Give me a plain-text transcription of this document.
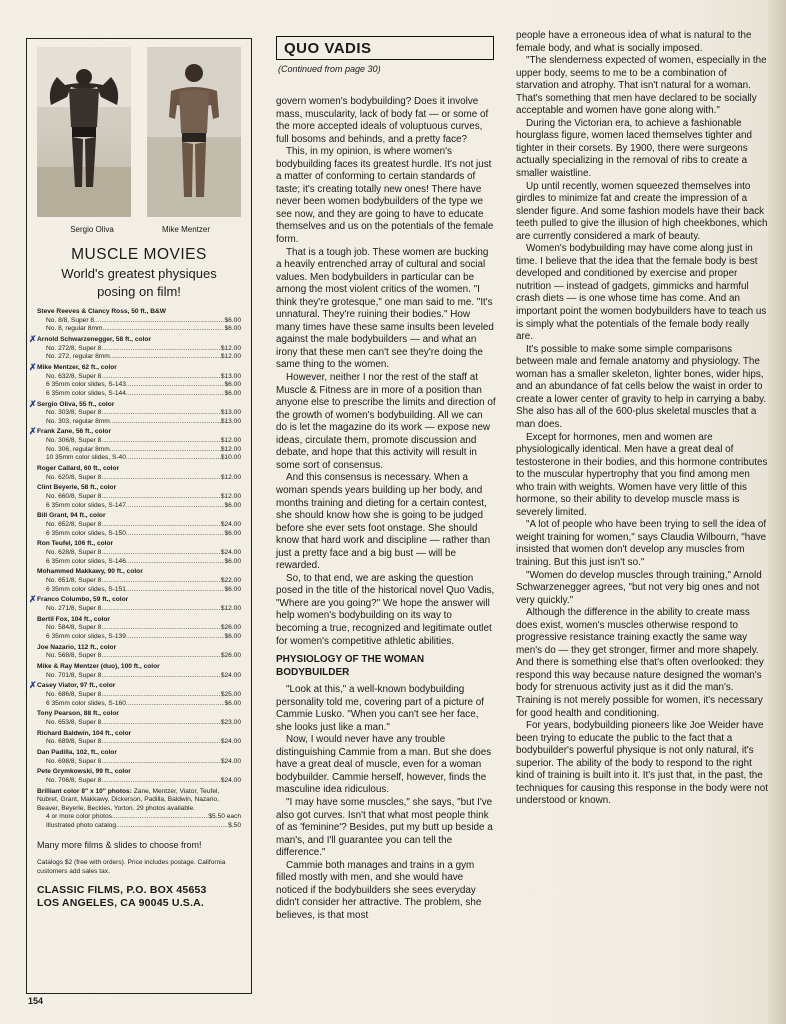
Sergio Oliva	Mike Mentzer
MUSCLE MOVIES
World's greatest physiques
posing on film!
Steve Reeves & Clancy Ross, 50 ft., B&W
No. 8/8, Super 8 .....	$6.00
No. 8, regular 8mm .....	$6.00
✗ Arnold Schwarzenegger, 58 ft., color
No. 272/8, Super 8 .....	$12.00
No. 272, regular 8mm .....	$12.00
✗ Mike Mentzer, 62 ft., color
No. 632/8, Super 8 .....	$13.00
6 35mm color slides, S-143 .....	$6.00
6 35mm color slides, S-144 .....	$6.00
✗ Sergio Oliva, 55 ft., color
No. 303/8, Super 8 .....	$13.00
No. 303, regular 8mm .....	$13.00
✗ Frank Zane, 56 ft., color
No. 306/8, Super 8 .....	$12.00
No. 306, regular 8mm .....	$12.00
10 35mm color slides, S-40 .....	$10.00
Roger Callard, 60 ft., color
No. 620/8, Super 8 .....	$12.00
Clint Beyerle, 58 ft., color
No. 660/8, Super 8 .....	$12.00
6 35mm color slides, S-147 .....	$6.00
Bill Grant, 94 ft., color
No. 652/8, Super 8 .....	$24.00
6 35mm color slides, S-150 .....	$6.00
Ron Teufel, 106 ft., color
No. 628/8, Super 8 .....	$24.00
6 35mm color slides, S-146 .....	$6.00
Mohammed Makkawy, 90 ft., color
No. 651/8, Super 8 .....	$22.00
6 35mm color slides, S-151 .....	$6.00
✗ Franco Columbo, 59 ft., color
No. 271/8, Super 8 .....	$12.00
Bertil Fox, 104 ft., color
No. 584/8, Super 8 .....	$26.00
6 35mm color slides, S-139 .....	$6.00
Joe Nazario, 112 ft., color
No. 568/8, Super 8 .....	$26.00
Mike & Ray Mentzer (duo), 100 ft., color
No. 701/8, Super 8 .....	$24.00
✗ Casey Viator, 97 ft., color
No. 686/8, Super 8 .....	$25.00
6 35mm color slides, S-160 .....	$6.00
Tony Pearson, 88 ft., color
No. 653/8, Super 8 .....	$23.00
Richard Baldwin, 104 ft., color
No. 689/8, Super 8 .....	$24.00
Dan Padilla, 102, ft., color
No. 698/8, Super 8 .....	$24.00
Pete Grymkowski, 99 ft., color
No. 706/8, Super 8 .....	$24.00
Brilliant color 8" x 10" photos: Zane, Mentzer, Viator, Teufel, Nubret, Grant, Makkawy, Dickerson, Padilla, Baldwin, Nazario, Beaver, Beyerle, Beckles, Yorton. 29 photos available.
4 or more color photos .....	$5.50 each
Illustrated photo catalog .....	$.50
Many more films & slides to choose from!
Catalogs $2 (free with orders). Price includes postage. California customers add sales tax.
CLASSIC FILMS, P.O. BOX 45653
LOS ANGELES, CA 90045 U.S.A.
154
QUO VADIS
(Continued from page 30)

govern women's bodybuilding? Does it involve mass, muscularity, lack of body fat — or some of the more accepted ideals of voluptuous curves, full bosoms and behinds, and a pretty face?

This, in my opinion, is where women's bodybuilding faces its greatest hurdle. It's not just a matter of conforming to certain standards of taste; it's creating totally new ones! There have never been women bodybuilders of the type we see now, and they are going to have to educate themselves and us on the potentials of the female form.

That is a tough job. These women are bucking a heavily entrenched array of cultural and social values. Men bodybuilders in particular can be among the most violent critics of the women. "I think they're grotesque," one man said to me. "It's unnatural. They're ruining their bodies." How many times have these same insults been leveled against the male bodybuilders — and what an irony that these men can't see they're doing the same thing to the women.

However, neither I nor the rest of the staff at Muscle & Fitness are in more of a position than anyone else to prescribe the limits and direction of the growth of women's bodybuilding. All we can do is let the magazine do its work — expose new ideas, circulate them, promote discussion and debate, and hope that this activity will result in some sort of consensus.

And this consensus is necessary. When a woman spends years building up her body, and months training and dieting for a certain contest, she should know how she is going to be judged before she ever sets foot onstage. She should know that hard work and discipline — rather than just a pretty face and a big bust — will be rewarded.

So, to that end, we are asking the question posed in the title of the historical novel Quo Vadis, "Where are you going?" We hope the answer will help women's bodybuilding on its way to becoming a true, recognized and legitimate outlet for women's competitive athletic abilities.

PHYSIOLOGY OF THE WOMAN BODYBUILDER

"Look at this," a well-known bodybuilding personality told me, covering part of a picture of Cammie Lusko. "When you can't see her face, she looks just like a man."

Now, I would never have any trouble distinguishing Cammie from a man. But she does have a great deal of muscle, even for a woman bodybuilder. Cammie herself, however, finds the masculine idea ridiculous.

"I may have some muscles," she says, "but I've also got curves. Isn't that what most people think of as 'feminine'? Besides, put my butt up beside a man's, and I'll guarantee you can tell the difference."

Cammie both manages and trains in a gym filled mostly with men, and she would have noticed if the bodybuilders she sees everyday didn't consider her attractive. The problem, she believes, is that most

people have a erroneous idea of what is natural to the female body, and what is socially imposed.

"The slenderness expected of women, especially in the upper body, seems to me to be a combination of starvation and atrophy. That isn't natural for a woman. That's something that men have declared to be socially acceptable and women have gone along with."

During the Victorian era, to achieve a fashionable hourglass figure, women laced themselves tighter and tighter in their corsets. By 1900, there were surgeons actually specializing in the removal of ribs to create a smaller waistline.

Up until recently, women squeezed themselves into girdles to minimize fat and create the impression of a slender figure. And some fashion models have their back teeth pulled to give the illusion of high cheekbones, which are currently considered a mark of beauty.

Women's bodybuilding may have come along just in time. I believe that the idea that the female body is best developed and conditioned by exercise and proper nutrition — instead of gadgets, gimmicks and harmful crash diets — is one whose time has come. And an important point the women bodybuilders have to teach us is simply what the potentials of the female body really are.

It's possible to make some simple comparisons between male and female anatomy and physiology. The woman has a smaller skeleton, lighter bones, wider hips, and an abundance of fat cells below the waist in order to create a lower center of gravity to help in carrying a baby. She also has all of the 600-plus skeletal muscles that a man does.

Except for hormones, men and women are physiologically identical. Men have a great deal of testosterone in their bodies, and this hormone contributes to the muscular hypertrophy that you find among men who train with weights. Women have very little of this hormone, so their ability to develop muscle mass is severely limited.

"A lot of people who have been trying to sell the idea of weight training for women," says Claudia Wilbourn, "have insisted that women don't develop any muscles from training. But this just isn't so."

"Women do develop muscles through training," Arnold Schwarzenegger agrees, "but not very big ones and not very quickly."

Although the difference in the ability to create mass does exist, women's muscles otherwise respond to progressive resistance training exactly the same way men's do — they get stronger, firmer and more shapely. And there is something else that's often overlooked: they respond this way because nature designed the woman's body for strenuous activity just as it did the man's. Training is not merely possible for women, it's necessary for good health and conditioning.

For years, bodybuilding pioneers like Joe Weider have been trying to educate the public to the fact that a bodybuilder's powerful physique is not only natural, it's superior. The ability of the body to respond to the right kind of training is built into it. It's just that, in the past, the techniques for causing this response in the body were not understood or known.
